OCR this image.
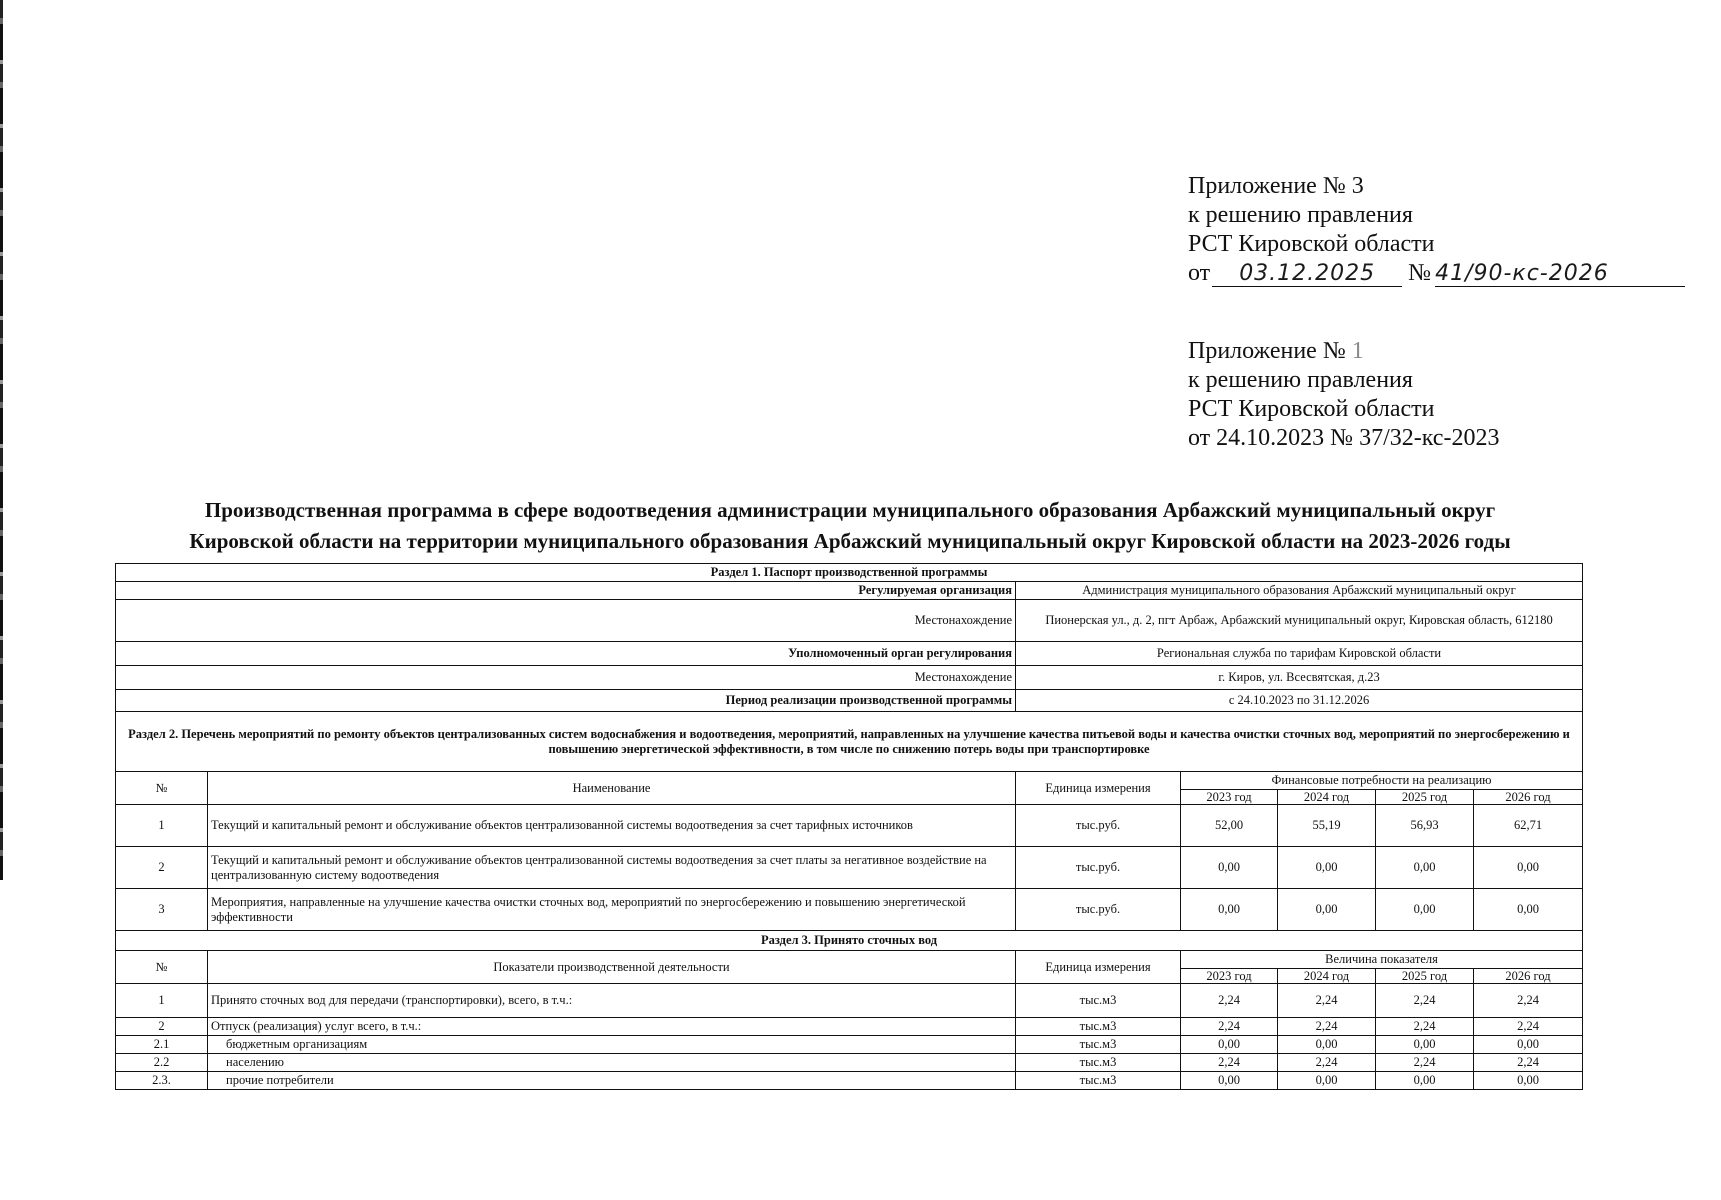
Приложение № 3
к решению правления
РСТ Кировской области
от 03.12.2025 № 41/90-кс-2026
Приложение № 1
к решению правления
РСТ Кировской области
от 24.10.2023 № 37/32-кс-2023
Производственная программа в сфере водоотведения администрации муниципального образования Арбажский муниципальный округ
Кировской области на территории муниципального образования Арбажский муниципальный округ Кировской области на 2023-2026 годы
Раздел 1. Паспорт производственной программы						
Регулируемая организация		Администрация муниципального образования Арбажский муниципальный округ				
Местонахождение		Пионерская ул., д. 2, пгт Арбаж, Арбажский муниципальный округ, Кировская область, 612180				
Уполномоченный орган регулирования		Региональная служба по тарифам Кировской области				
Местонахождение		г. Киров, ул. Всесвятская, д.23				
Период реализации производственной программы		с 24.10.2023 по 31.12.2026				
Раздел 2. Перечень мероприятий по ремонту объектов централизованных систем водоснабжения и водоотведения, мероприятий, направленных на улучшение качества питьевой воды и качества очистки сточных вод, мероприятий по энергосбережению и повышению энергетической эффективности, в том числе по снижению потерь воды при транспортировке						
№	Наименование	Единица измерения	Финансовые потребности на реализацию			
			2023 год	2024 год	2025 год	2026 год
1	Текущий и капитальный ремонт и обслуживание объектов централизованной системы водоотведения за счет тарифных источников	тыс.руб.	52,00	55,19	56,93	62,71
2	Текущий и капитальный ремонт и обслуживание объектов централизованной системы водоотведения за счет платы за негативное воздействие на централизованную систему водоотведения	тыс.руб.	0,00	0,00	0,00	0,00
3	Мероприятия, направленные на улучшение качества очистки сточных вод, мероприятий по энергосбережению и повышению энергетической эффективности	тыс.руб.	0,00	0,00	0,00	0,00
Раздел 3. Принято сточных вод						
№	Показатели производственной деятельности	Единица измерения	Величина показателя			
			2023 год	2024 год	2025 год	2026 год
1	Принято сточных вод для передачи (транспортировки), всего, в т.ч.:	тыс.м3	2,24	2,24	2,24	2,24
2	Отпуск (реализация) услуг всего, в т.ч.:	тыс.м3	2,24	2,24	2,24	2,24
2.1	бюджетным организациям	тыс.м3	0,00	0,00	0,00	0,00
2.2	населению	тыс.м3	2,24	2,24	2,24	2,24
2.3.	прочие потребители	тыс.м3	0,00	0,00	0,00	0,00
